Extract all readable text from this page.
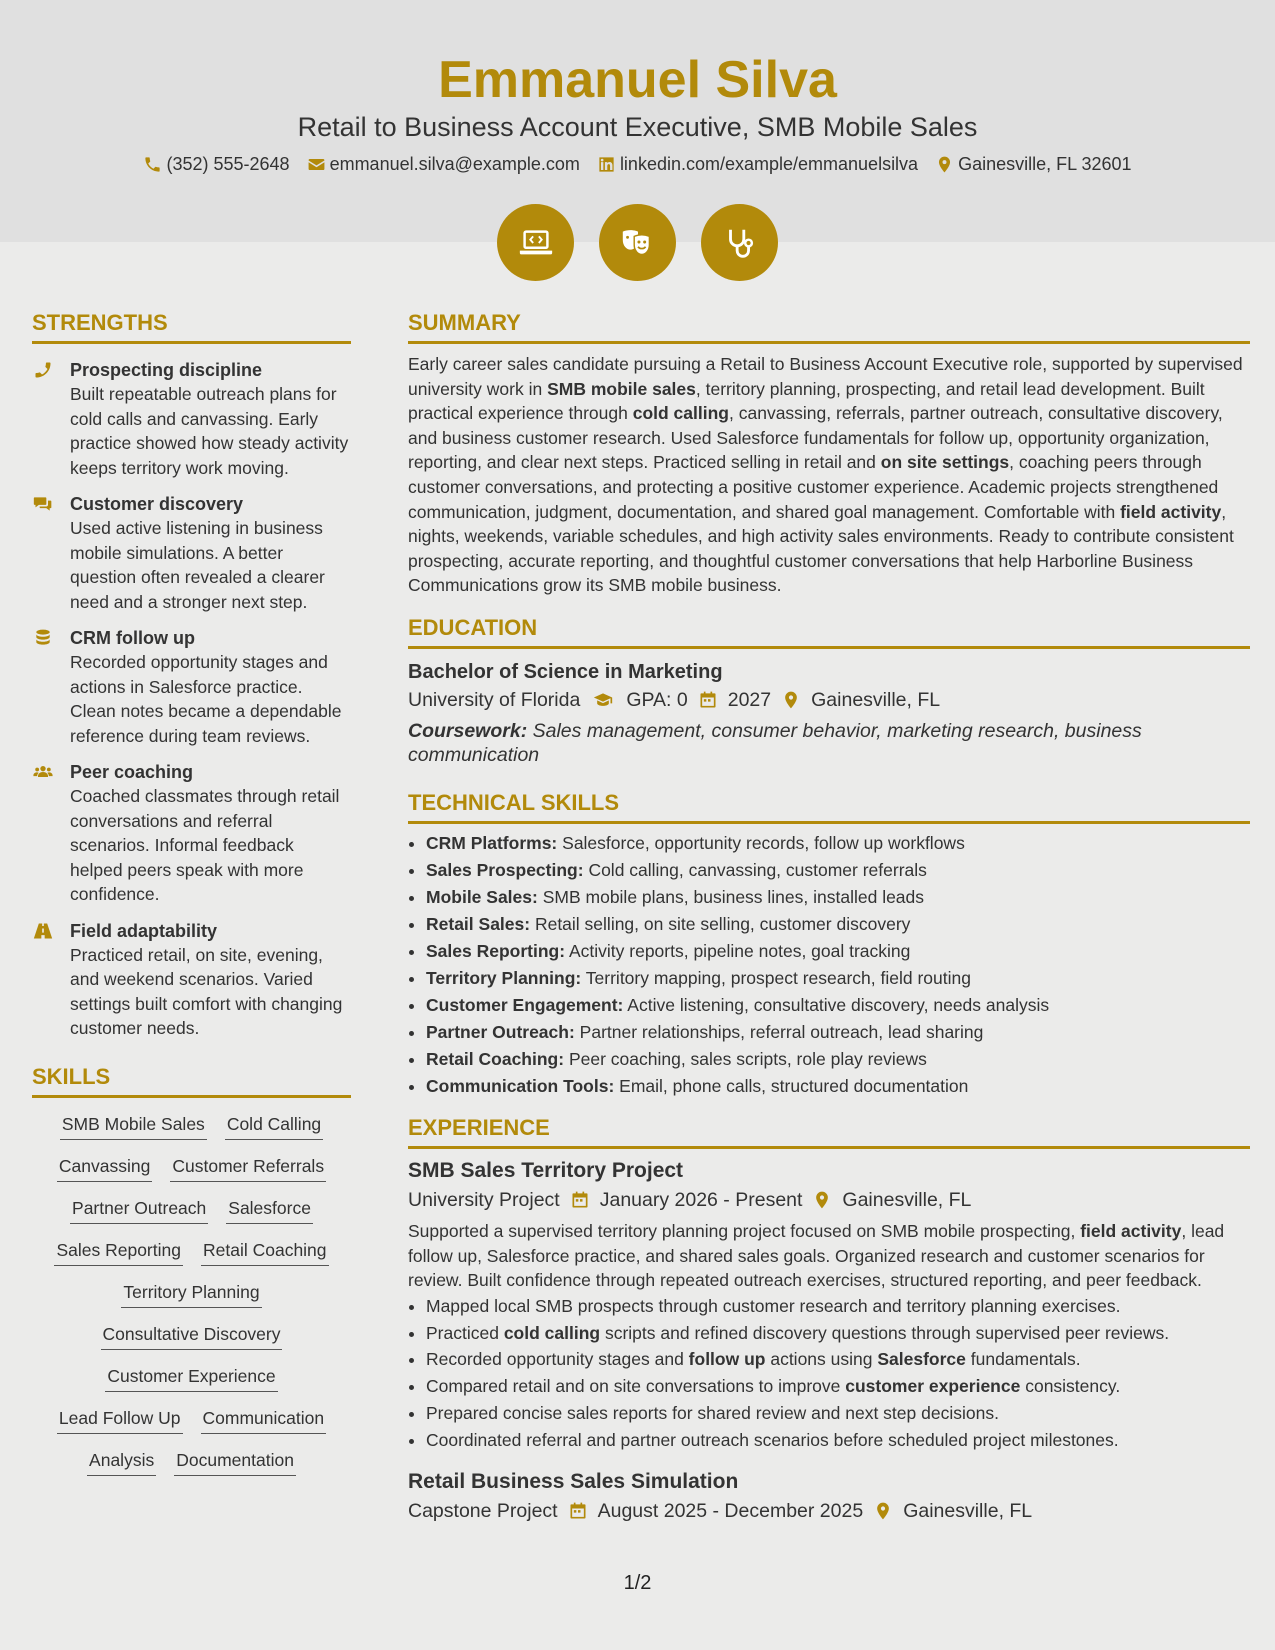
Emmanuel Silva
Retail to Business Account Executive, SMB Mobile Sales
(352) 555-2648 emmanuel.silva@example.com linkedin.com/example/emmanuelsilva Gainesville, FL 32601
STRENGTHS
Prospecting discipline
Built repeatable outreach plans for cold calls and canvassing. Early practice showed how steady activity keeps territory work moving.
Customer discovery
Used active listening in business mobile simulations. A better question often revealed a clearer need and a stronger next step.
CRM follow up
Recorded opportunity stages and actions in Salesforce practice. Clean notes became a dependable reference during team reviews.
Peer coaching
Coached classmates through retail conversations and referral scenarios. Informal feedback helped peers speak with more confidence.
Field adaptability
Practiced retail, on site, evening, and weekend scenarios. Varied settings built comfort with changing customer needs.
SKILLS
SMB Mobile Sales Cold Calling
Canvassing Customer Referrals
Partner Outreach Salesforce
Sales Reporting Retail Coaching
Territory Planning
Consultative Discovery
Customer Experience
Lead Follow Up Communication
Analysis Documentation
SUMMARY

Early career sales candidate pursuing a Retail to Business Account Executive role, supported by supervised university work in SMB mobile sales, territory planning, prospecting, and retail lead development. Built practical experience through cold calling, canvassing, referrals, partner outreach, consultative discovery, and business customer research. Used Salesforce fundamentals for follow up, opportunity organization, reporting, and clear next steps. Practiced selling in retail and on site settings, coaching peers through customer conversations, and protecting a positive customer experience. Academic projects strengthened communication, judgment, documentation, and shared goal management. Comfortable with field activity, nights, weekends, variable schedules, and high activity sales environments. Ready to contribute consistent prospecting, accurate reporting, and thoughtful customer conversations that help Harborline Business Communications grow its SMB mobile business.

EDUCATION
Bachelor of Science in Marketing
University of Florida GPA: 0 2027 Gainesville, FL
Coursework: Sales management, consumer behavior, marketing research, business communication
TECHNICAL SKILLS
• CRM Platforms: Salesforce, opportunity records, follow up workflows
• Sales Prospecting: Cold calling, canvassing, customer referrals
• Mobile Sales: SMB mobile plans, business lines, installed leads
• Retail Sales: Retail selling, on site selling, customer discovery
• Sales Reporting: Activity reports, pipeline notes, goal tracking
• Territory Planning: Territory mapping, prospect research, field routing
• Customer Engagement: Active listening, consultative discovery, needs analysis
• Partner Outreach: Partner relationships, referral outreach, lead sharing
• Retail Coaching: Peer coaching, sales scripts, role play reviews
• Communication Tools: Email, phone calls, structured documentation
EXPERIENCE
SMB Sales Territory Project
University Project January 2026 - Present Gainesville, FL

Supported a supervised territory planning project focused on SMB mobile prospecting, field activity, lead follow up, Salesforce practice, and shared sales goals. Organized research and customer scenarios for review. Built confidence through repeated outreach exercises, structured reporting, and peer feedback.

• Mapped local SMB prospects through customer research and territory planning exercises.
• Practiced cold calling scripts and refined discovery questions through supervised peer reviews.
• Recorded opportunity stages and follow up actions using Salesforce fundamentals.
• Compared retail and on site conversations to improve customer experience consistency.
• Prepared concise sales reports for shared review and next step decisions.
• Coordinated referral and partner outreach scenarios before scheduled project milestones.
Retail Business Sales Simulation
Capstone Project August 2025 - December 2025 Gainesville, FL
1/2
